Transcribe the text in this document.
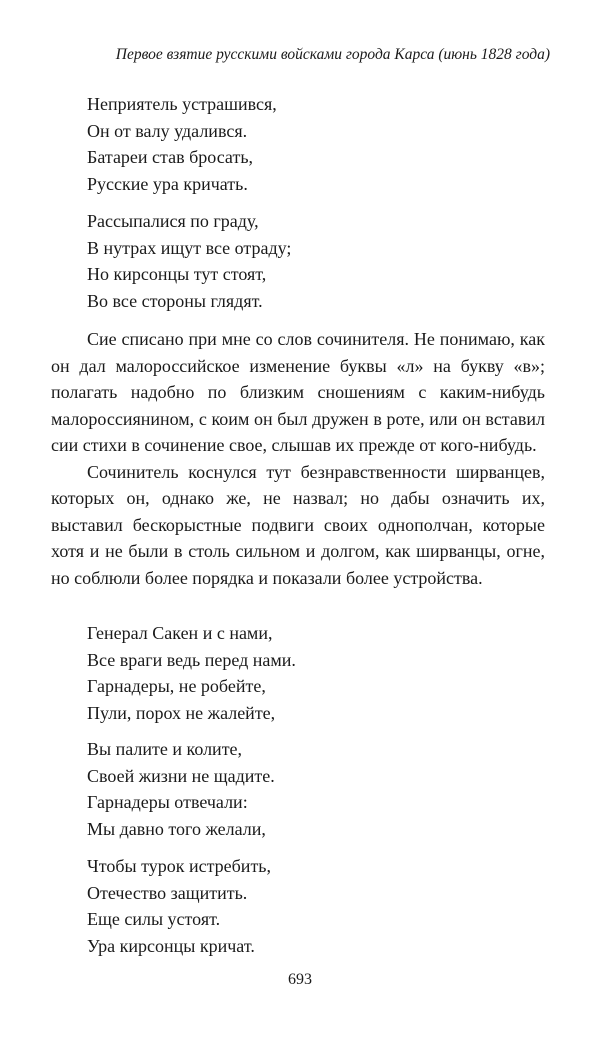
Первое взятие русскими войсками города Карса (июнь 1828 года)
Неприятель устрашився,
Он от валу удалився.
Батареи став бросать,
Русские ура кричать.
Рассыпалися по граду,
В нутрах ищут все отраду;
Но кирсонцы тут стоят,
Во все стороны глядят.

Сие списано при мне со слов сочинителя. Не понимаю, как он дал малороссийское изменение буквы «л» на букву «в»; полагать надобно по близким сношениям с каким-нибудь малороссиянином, с коим он был дружен в роте, или он вставил сии стихи в сочинение свое, слышав их прежде от кого-нибудь.

Сочинитель коснулся тут безнравственности ширванцев, которых он, однако же, не назвал; но дабы означить их, выставил бескорыстные подвиги своих однополчан, которые хотя и не были в столь сильном и долгом, как ширванцы, огне, но соблюли более порядка и показали более устройства.

Генерал Сакен и с нами,
Все враги ведь перед нами.
Гарнадеры, не робейте,
Пули, порох не жалейте,
Вы палите и колите,
Своей жизни не щадите.
Гарнадеры отвечали:
Мы давно того желали,
Чтобы турок истребить,
Отечество защитить.
Еще силы устоят.
Ура кирсонцы кричат.
693
